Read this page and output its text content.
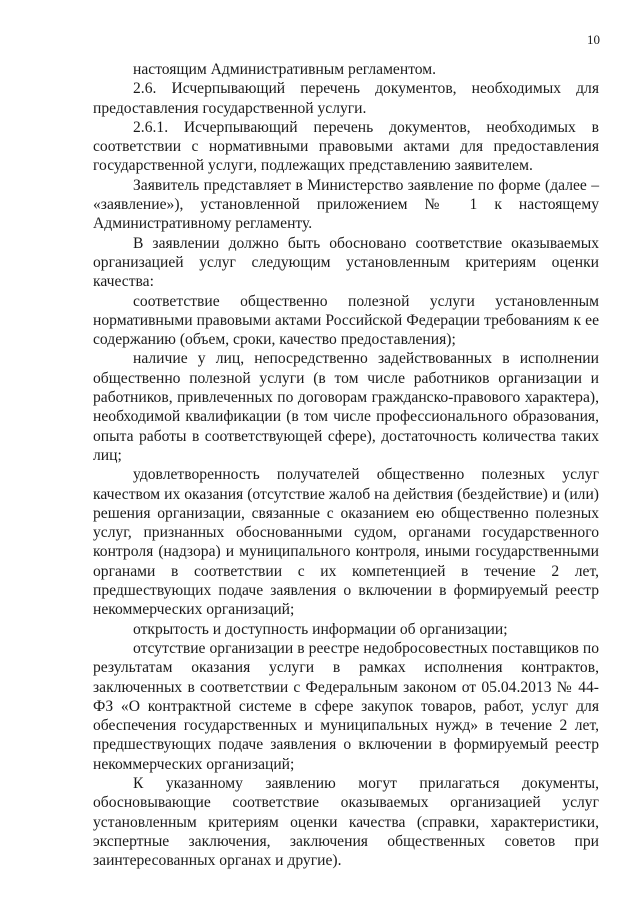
10

настоящим Административным регламентом.

2.6. Исчерпывающий перечень документов, необходимых для предоставления государственной услуги.

2.6.1. Исчерпывающий перечень документов, необходимых в соответствии с нормативными правовыми актами для предоставления государственной услуги, подлежащих представлению заявителем.

Заявитель представляет в Министерство заявление по форме (далее – «заявление»), установленной приложением № 1 к настоящему Административному регламенту.

В заявлении должно быть обосновано соответствие оказываемых организацией услуг следующим установленным критериям оценки качества:

соответствие общественно полезной услуги установленным нормативными правовыми актами Российской Федерации требованиям к ее содержанию (объем, сроки, качество предоставления);

наличие у лиц, непосредственно задействованных в исполнении общественно полезной услуги (в том числе работников организации и работников, привлеченных по договорам гражданско-правового характера), необходимой квалификации (в том числе профессионального образования, опыта работы в соответствующей сфере), достаточность количества таких лиц;

удовлетворенность получателей общественно полезных услуг качеством их оказания (отсутствие жалоб на действия (бездействие) и (или) решения организации, связанные с оказанием ею общественно полезных услуг, признанных обоснованными судом, органами государственного контроля (надзора) и муниципального контроля, иными государственными органами в соответствии с их компетенцией в течение 2 лет, предшествующих подаче заявления о включении в формируемый реестр некоммерческих организаций;

открытость и доступность информации об организации;

отсутствие организации в реестре недобросовестных поставщиков по результатам оказания услуги в рамках исполнения контрактов, заключенных в соответствии с Федеральным законом от 05.04.2013 № 44-ФЗ «О контрактной системе в сфере закупок товаров, работ, услуг для обеспечения государственных и муниципальных нужд» в течение 2 лет, предшествующих подаче заявления о включении в формируемый реестр некоммерческих организаций;

К указанному заявлению могут прилагаться документы, обосновывающие соответствие оказываемых организацией услуг установленным критериям оценки качества (справки, характеристики, экспертные заключения, заключения общественных советов при заинтересованных органах и другие).
